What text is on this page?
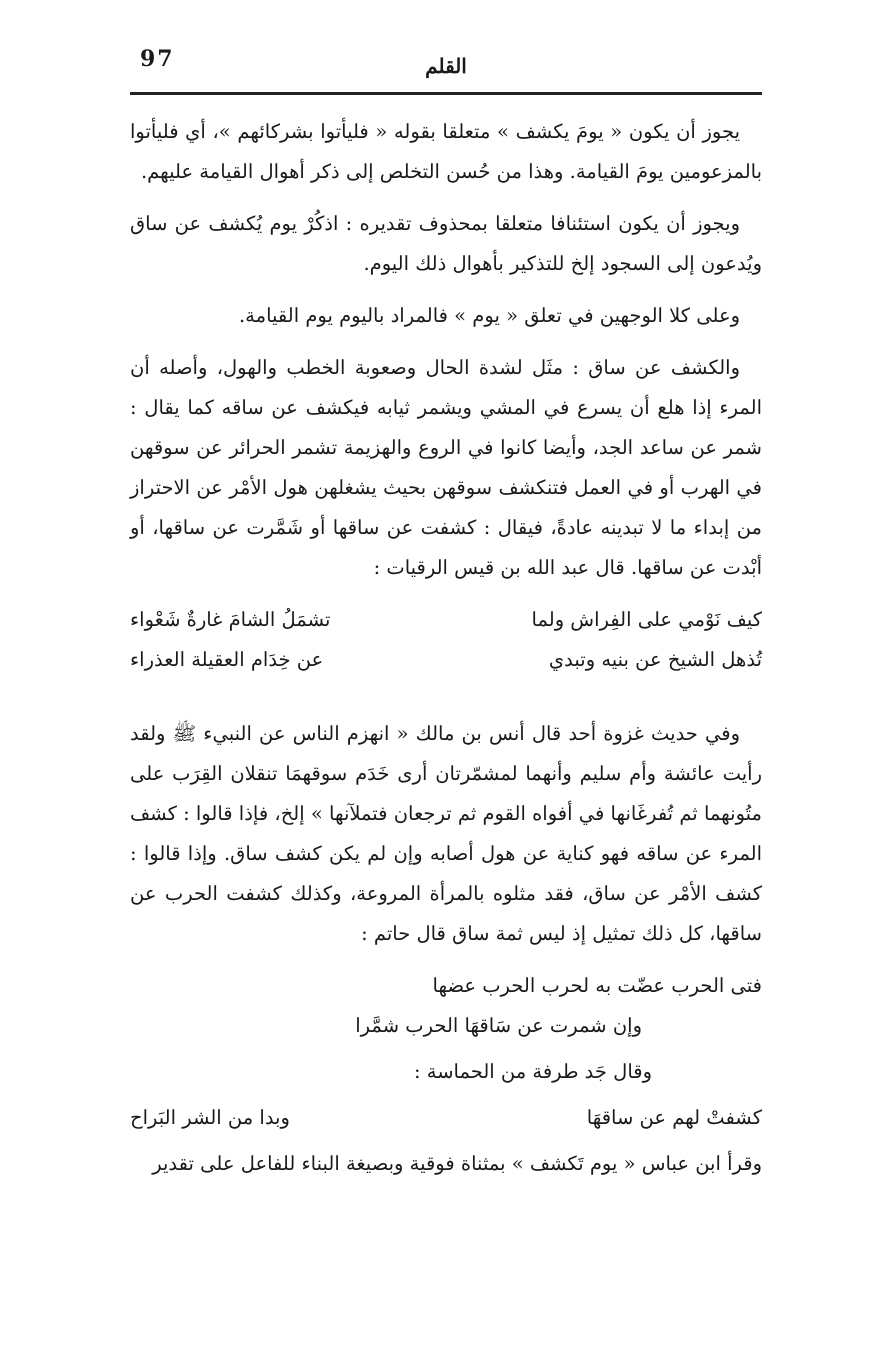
97	القلم

يجوز أن يكون « يومَ يكشف » متعلقا بقوله « فليأتوا بشركائهم »، أي فليأتوا بالمزعومين يومَ القيامة. وهذا من حُسن التخلص إلى ذكر أهوال القيامة عليهم.

ويجوز أن يكون استئنافا متعلقا بمحذوف تقديره : اذكُرْ يوم يُكشف عن ساق ويُدعون إلى السجود إلخ للتذكير بأهوال ذلك اليوم.

وعلى كلا الوجهين في تعلق « يوم » فالمراد باليوم يوم القيامة.

والكشف عن ساق : مثَل لشدة الحال وصعوبة الخطب والهول، وأصله أن المرء إذا هلع أن يسرع في المشي ويشمر ثيابه فيكشف عن ساقه كما يقال : شمر عن ساعد الجد، وأيضا كانوا في الروع والهزيمة تشمر الحرائر عن سوقهن في الهرب أو في العمل فتنكشف سوقهن بحيث يشغلهن هول الأمْر عن الاحتراز من إبداء ما لا تبدينه عادةً، فيقال : كشفت عن ساقها أو شَمَّرت عن ساقها، أو أبْدت عن ساقها. قال عبد الله بن قيس الرقيات :

كيف نَوْمي على الفِراش ولما
تشمَلُ الشامَ غارةٌ شَعْواء
تُذهل الشيخ عن بنيه وتبدي
عن خِدَام العقيلة العذراء

وفي حديث غزوة أحد قال أنس بن مالك « انهزم الناس عن النبيء ﷺ ولقد رأيت عائشة وأم سليم وأنهما لمشمّرتان أرى خَدَم سوقهمَا تنقلان القِرَب على متُونهما ثم تُفرغَانها في أفواه القوم ثم ترجعان فتملآنها » إلخ، فإذا قالوا : كشف المرء عن ساقه فهو كناية عن هول أصابه وإن لم يكن كشف ساق. وإذا قالوا : كشف الأمْر عن ساق، فقد مثلوه بالمرأة المروعة، وكذلك كشفت الحرب عن ساقها، كل ذلك تمثيل إذ ليس ثمة ساق قال حاتم :

فتى الحرب عضّت به لحرب الحرب عضها
وإن شمرت عن سَاقهَا الحرب شمَّرا
وقال جَد طرفة من الحماسة :
كشفتْ لهم عن ساقهَا
وبدا من الشر البَراح
وقرأ ابن عباس « يوم تَكشف » بمثناة فوقية وبصيغة البناء للفاعل على تقدير
